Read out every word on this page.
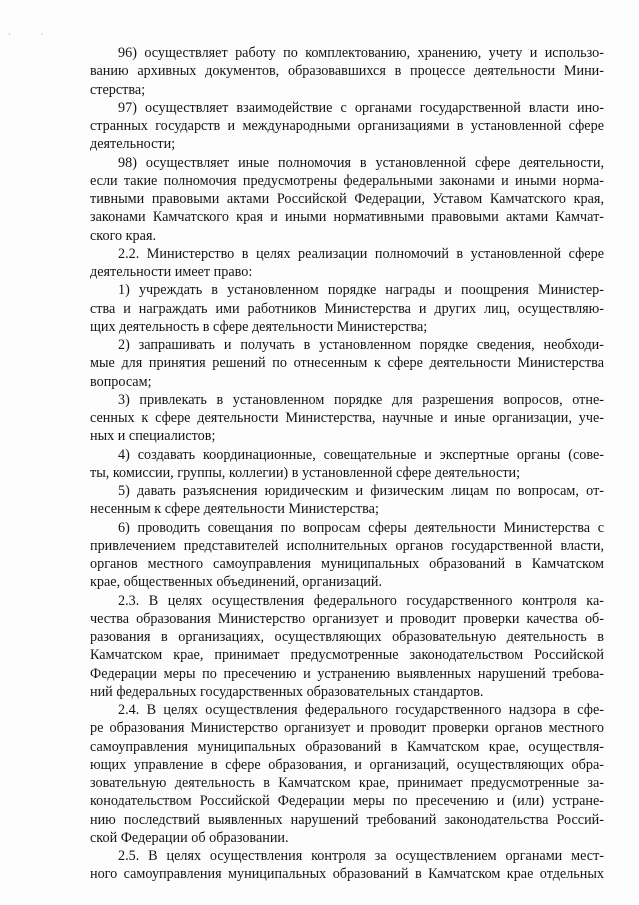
· ·
96) осуществляет работу по комплектованию, хранению, учету и использо-
ванию архивных документов, образовавшихся в процессе деятельности Мини-
стерства;
97) осуществляет взаимодействие с органами государственной власти ино-
странных государств и международными организациями в установленной сфере
деятельности;
98) осуществляет иные полномочия в установленной сфере деятельности,
если такие полномочия предусмотрены федеральными законами и иными норма-
тивными правовыми актами Российской Федерации, Уставом Камчатского края,
законами Камчатского края и иными нормативными правовыми актами Камчат-
ского края.
2.2. Министерство в целях реализации полномочий в установленной сфере
деятельности имеет право:
1) учреждать в установленном порядке награды и поощрения Министер-
ства и награждать ими работников Министерства и других лиц, осуществляю-
щих деятельность в сфере деятельности Министерства;
2) запрашивать и получать в установленном порядке сведения, необходи-
мые для принятия решений по отнесенным к сфере деятельности Министерства
вопросам;
3) привлекать в установленном порядке для разрешения вопросов, отне-
сенных к сфере деятельности Министерства, научные и иные организации, уче-
ных и специалистов;
4) создавать координационные, совещательные и экспертные органы (сове-
ты, комиссии, группы, коллегии) в установленной сфере деятельности;
5) давать разъяснения юридическим и физическим лицам по вопросам, от-
несенным к сфере деятельности Министерства;
6) проводить совещания по вопросам сферы деятельности Министерства с
привлечением представителей исполнительных органов государственной власти,
органов местного самоуправления муниципальных образований в Камчатском
крае, общественных объединений, организаций.
2.3. В целях осуществления федерального государственного контроля ка-
чества образования Министерство организует и проводит проверки качества об-
разования в организациях, осуществляющих образовательную деятельность в
Камчатском крае, принимает предусмотренные законодательством Российской
Федерации меры по пресечению и устранению выявленных нарушений требова-
ний федеральных государственных образовательных стандартов.
2.4. В целях осуществления федерального государственного надзора в сфе-
ре образования Министерство организует и проводит проверки органов местного
самоуправления муниципальных образований в Камчатском крае, осуществля-
ющих управление в сфере образования, и организаций, осуществляющих обра-
зовательную деятельность в Камчатском крае, принимает предусмотренные за-
конодательством Российской Федерации меры по пресечению и (или) устране-
нию последствий выявленных нарушений требований законодательства Россий-
ской Федерации об образовании.
2.5. В целях осуществления контроля за осуществлением органами мест-
ного самоуправления муниципальных образований в Камчатском крае отдельных
